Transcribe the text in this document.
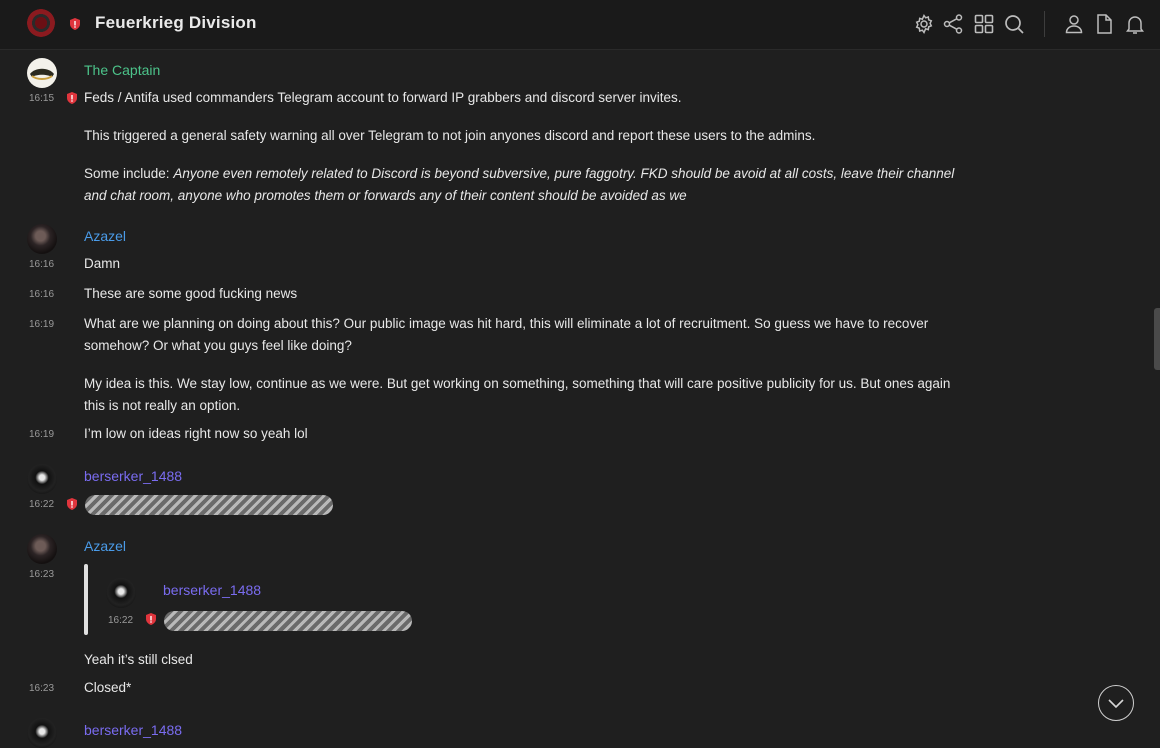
Feuerkrieg Division
The Captain
16:15 Feds / Antifa used commanders Telegram account to forward IP grabbers and discord server invites.
This triggered a general safety warning all over Telegram to not join anyones discord and report these users to the admins.
Some include: Anyone even remotely related to Discord is beyond subversive, pure faggotry. FKD should be avoid at all costs, leave their channel
and chat room, anyone who promotes them or forwards any of their content should be avoided as we
Azazel
16:16 Damn
16:16 These are some good fucking news
16:19 What are we planning on doing about this? Our public image was hit hard, this will eliminate a lot of recruitment. So guess we have to recover
somehow? Or what you guys feel like doing?
My idea is this. We stay low, continue as we were. But get working on something, something that will care positive publicity for us. But ones again
this is not really an option.
16:19 I’m low on ideas right now so yeah lol
berserker_1488
16:22
Azazel
16:23
berserker_1488
16:22
Yeah it’s still clsed
16:23 Closed*
berserker_1488
